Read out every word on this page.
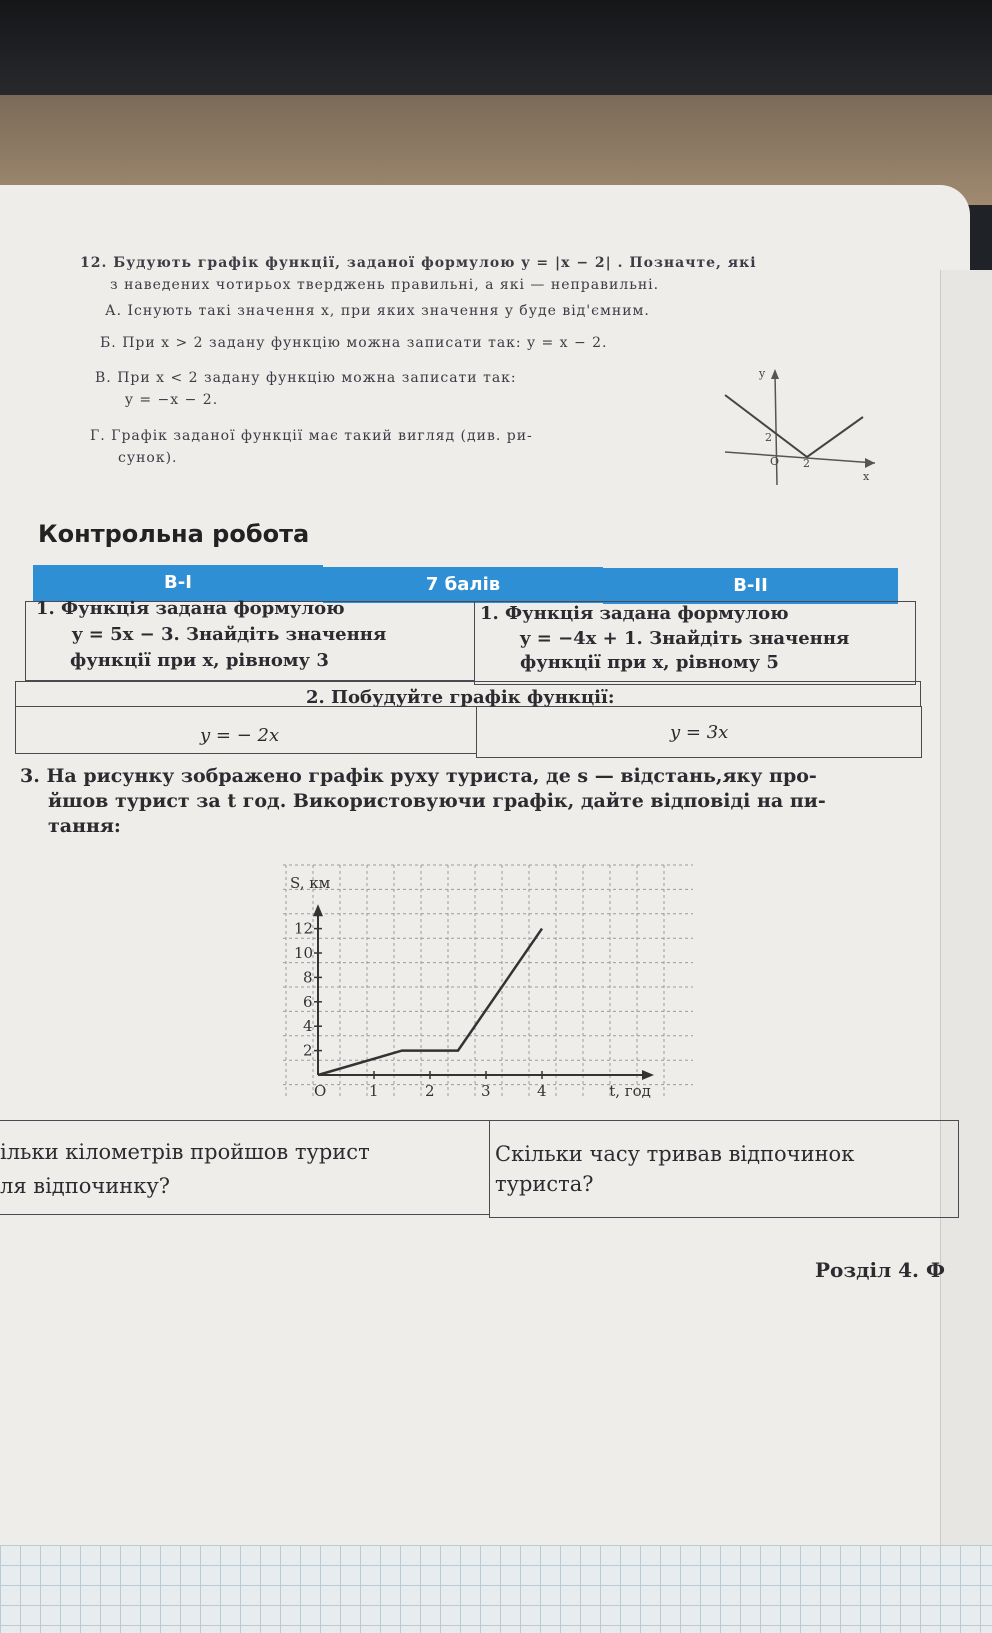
12. Будують графік функції, заданої формулою y = |x − 2| . Позначте, які
з наведених чотирьох тверджень правильні, а які — неправильні.
А. Існують такі значення x, при яких значення y буде від'ємним.
Б. При x > 2 задану функцію можна записати так: y = x − 2.
В. При x < 2 задану функцію можна записати так:
y = −x − 2.
Г. Графік заданої функції має такий вигляд (див. ри-
сунок).
y
x
O 2
2
Контрольна робота
В-І	7 балів	В-ІІ
1. Функція задана формулою
y = 5x − 3. Знайдіть значення
функції при x, рівному 3
1. Функція задана формулою
y = −4x + 1. Знайдіть значення
функції при x, рівному 5
2. Побудуйте графік функції:
y = − 2x	y = 3x
3. На рисунку зображено графік руху туриста, де s — відстань,яку про-
йшов турист за t год. Використовуючи графік, дайте відповіді на пи-
тання:
1	2	3	4
2
4
6
8
10
12
S, км
t, год
O
ільки кілометрів пройшов турист
ля відпочинку?
Скільки часу тривав відпочинок
туриста?
Розділ 4. Ф
